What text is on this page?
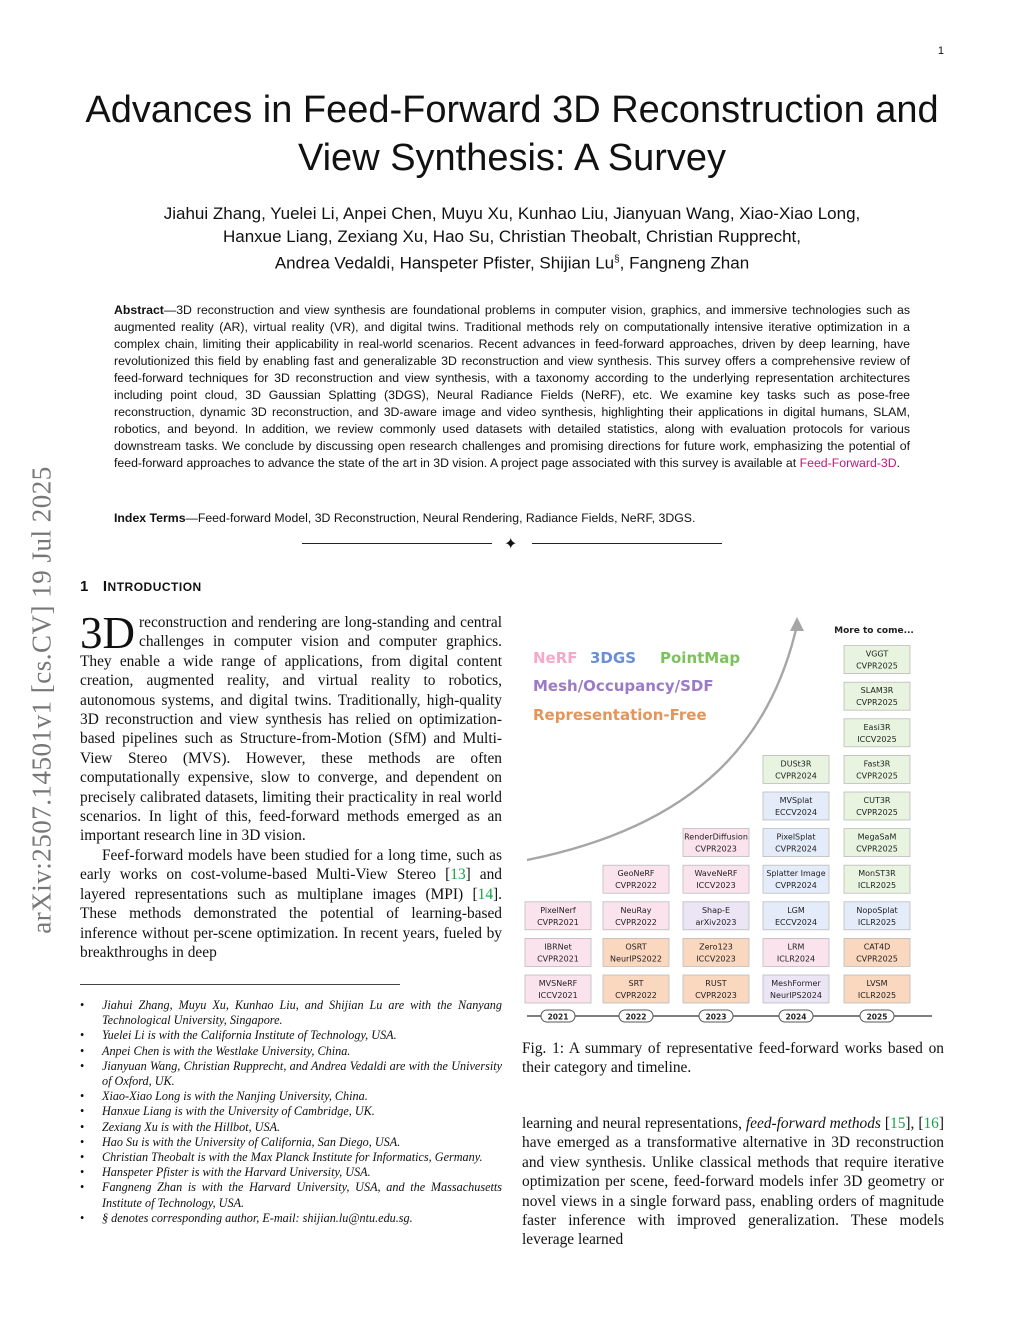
1
arXiv:2507.14501v1 [cs.CV] 19 Jul 2025
Advances in Feed-Forward 3D Reconstruction and View Synthesis: A Survey
Jiahui Zhang, Yuelei Li, Anpei Chen, Muyu Xu, Kunhao Liu, Jianyuan Wang, Xiao-Xiao Long,
Hanxue Liang, Zexiang Xu, Hao Su, Christian Theobalt, Christian Rupprecht,
Andrea Vedaldi, Hanspeter Pfister, Shijian Lu§, Fangneng Zhan
Abstract—3D reconstruction and view synthesis are foundational problems in computer vision, graphics, and immersive technologies such as augmented reality (AR), virtual reality (VR), and digital twins. Traditional methods rely on computationally intensive iterative optimization in a complex chain, limiting their applicability in real-world scenarios. Recent advances in feed-forward approaches, driven by deep learning, have revolutionized this field by enabling fast and generalizable 3D reconstruction and view synthesis. This survey offers a comprehensive review of feed-forward techniques for 3D reconstruction and view synthesis, with a taxonomy according to the underlying representation architectures including point cloud, 3D Gaussian Splatting (3DGS), Neural Radiance Fields (NeRF), etc. We examine key tasks such as pose-free reconstruction, dynamic 3D reconstruction, and 3D-aware image and video synthesis, highlighting their applications in digital humans, SLAM, robotics, and beyond. In addition, we review commonly used datasets with detailed statistics, along with evaluation protocols for various downstream tasks. We conclude by discussing open research challenges and promising directions for future work, emphasizing the potential of feed-forward approaches to advance the state of the art in 3D vision. A project page associated with this survey is available at Feed-Forward-3D.
Index Terms—Feed-forward Model, 3D Reconstruction, Neural Rendering, Radiance Fields, NeRF, 3DGS.
✦
1 INTRODUCTION

3D reconstruction and rendering are long-standing and central challenges in computer vision and computer graphics. They enable a wide range of applications, from digital content creation, augmented reality, and virtual reality to robotics, autonomous systems, and digital twins. Traditionally, high-quality 3D reconstruction and view synthesis has relied on optimization-based pipelines such as Structure-from-Motion (SfM) and Multi-View Stereo (MVS). However, these methods are often computationally expensive, slow to converge, and dependent on precisely calibrated datasets, limiting their practicality in real world scenarios. In light of this, feed-forward methods emerged as an important research line in 3D vision.

Feef-forward models have been studied for a long time, such as early works on cost-volume-based Multi-View Stereo [13] and layered representations such as multiplane images (MPI) [14]. These methods demonstrated the potential of learning-based inference without per-scene optimization. In recent years, fueled by breakthroughs in deep

• Jiahui Zhang, Muyu Xu, Kunhao Liu, and Shijian Lu are with the Nanyang Technological University, Singapore.
• Yuelei Li is with the California Institute of Technology, USA.
• Anpei Chen is with the Westlake University, China.
• Jianyuan Wang, Christian Rupprecht, and Andrea Vedaldi are with the University of Oxford, UK.
• Xiao-Xiao Long is with the Nanjing University, China.
• Hanxue Liang is with the University of Cambridge, UK.
• Zexiang Xu is with the Hillbot, USA.
• Hao Su is with the University of California, San Diego, USA.
• Christian Theobalt is with the Max Planck Institute for Informatics, Germany.
• Hanspeter Pfister is with the Harvard University, USA.
• Fangneng Zhan is with the Harvard University, USA, and the Massachusetts Institute of Technology, USA.
• § denotes corresponding author, E-mail: shijian.lu@ntu.edu.sg.
More to come...
NeRF 3DGS PointMap
Mesh/Occupancy/SDF
Representation-Free
2021
MVSNeRF
ICCV2021
IBRNet
CVPR2021
PixelNerf
CVPR2021
2022
SRT
CVPR2022
OSRT
NeurIPS2022
NeuRay
CVPR2022
GeoNeRF
CVPR2022
2023
RUST
CVPR2023
Zero123
ICCV2023
Shap-E
arXiv2023
WaveNeRF
ICCV2023
RenderDiffusion
CVPR2023
2024
MeshFormer
NeurIPS2024
LRM
ICLR2024
LGM
ECCV2024
Splatter Image
CVPR2024
PixelSplat
CVPR2024
MVSplat
ECCV2024
DUSt3R
CVPR2024
2025
LVSM
ICLR2025
CAT4D
CVPR2025
NopoSplat
ICLR2025
MonST3R
ICLR2025
MegaSaM
CVPR2025
CUT3R
CVPR2025
Fast3R
CVPR2025
Easi3R
ICCV2025
SLAM3R
CVPR2025
VGGT
CVPR2025
Fig. 1: A summary of representative feed-forward works based on their category and timeline.

learning and neural representations, feed-forward methods [15], [16] have emerged as a transformative alternative in 3D reconstruction and view synthesis. Unlike classical methods that require iterative optimization per scene, feed-forward models infer 3D geometry or novel views in a single forward pass, enabling orders of magnitude faster inference with improved generalization. These models leverage learned
